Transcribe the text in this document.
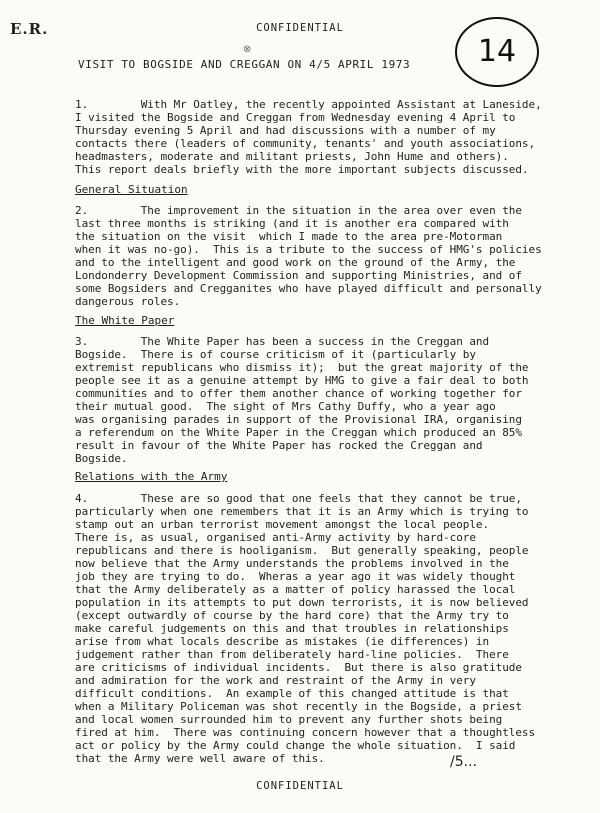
E.R.	CONFIDENTIAL
14
⊗
VISIT TO BOGSIDE AND CREGGAN ON 4/5 APRIL 1973
1.        With Mr Oatley, the recently appointed Assistant at Laneside,
I visited the Bogside and Creggan from Wednesday evening 4 April to
Thursday evening 5 April and had discussions with a number of my
contacts there (leaders of community, tenants' and youth associations,
headmasters, moderate and militant priests, John Hume and others).
This report deals briefly with the more important subjects discussed.
General Situation
2.        The improvement in the situation in the area over even the
last three months is striking (and it is another era compared with
the situation on the visit  which I made to the area pre-Motorman
when it was no-go).  This is a tribute to the success of HMG's policies
and to the intelligent and good work on the ground of the Army, the
Londonderry Development Commission and supporting Ministries, and of
some Bogsiders and Cregganites who have played difficult and personally
dangerous roles.
The White Paper
3.        The White Paper has been a success in the Creggan and
Bogside.  There is of course criticism of it (particularly by
extremist republicans who dismiss it);  but the great majority of the
people see it as a genuine attempt by HMG to give a fair deal to both
communities and to offer them another chance of working together for
their mutual good.  The sight of Mrs Cathy Duffy, who a year ago
was organising parades in support of the Provisional IRA, organising
a referendum on the White Paper in the Creggan which produced an 85%
result in favour of the White Paper has rocked the Creggan and
Bogside.
Relations with the Army
4.        These are so good that one feels that they cannot be true,
particularly when one remembers that it is an Army which is trying to
stamp out an urban terrorist movement amongst the local people.
There is, as usual, organised anti-Army activity by hard-core
republicans and there is hooliganism.  But generally speaking, people
now believe that the Army understands the problems involved in the
job they are trying to do.  Wheras a year ago it was widely thought
that the Army deliberately as a matter of policy harassed the local
population in its attempts to put down terrorists, it is now believed
(except outwardly of course by the hard core) that the Army try to
make careful judgements on this and that troubles in relationships
arise from what locals describe as mistakes (ie differences) in
judgement rather than from deliberately hard-line policies.  There
are criticisms of individual incidents.  But there is also gratitude
and admiration for the work and restraint of the Army in very
difficult conditions.  An example of this changed attitude is that
when a Military Policeman was shot recently in the Bogside, a priest
and local women surrounded him to prevent any further shots being
fired at him.  There was continuing concern however that a thoughtless
act or policy by the Army could change the whole situation.  I said
that the Army were well aware of this.	/5...
CONFIDENTIAL
